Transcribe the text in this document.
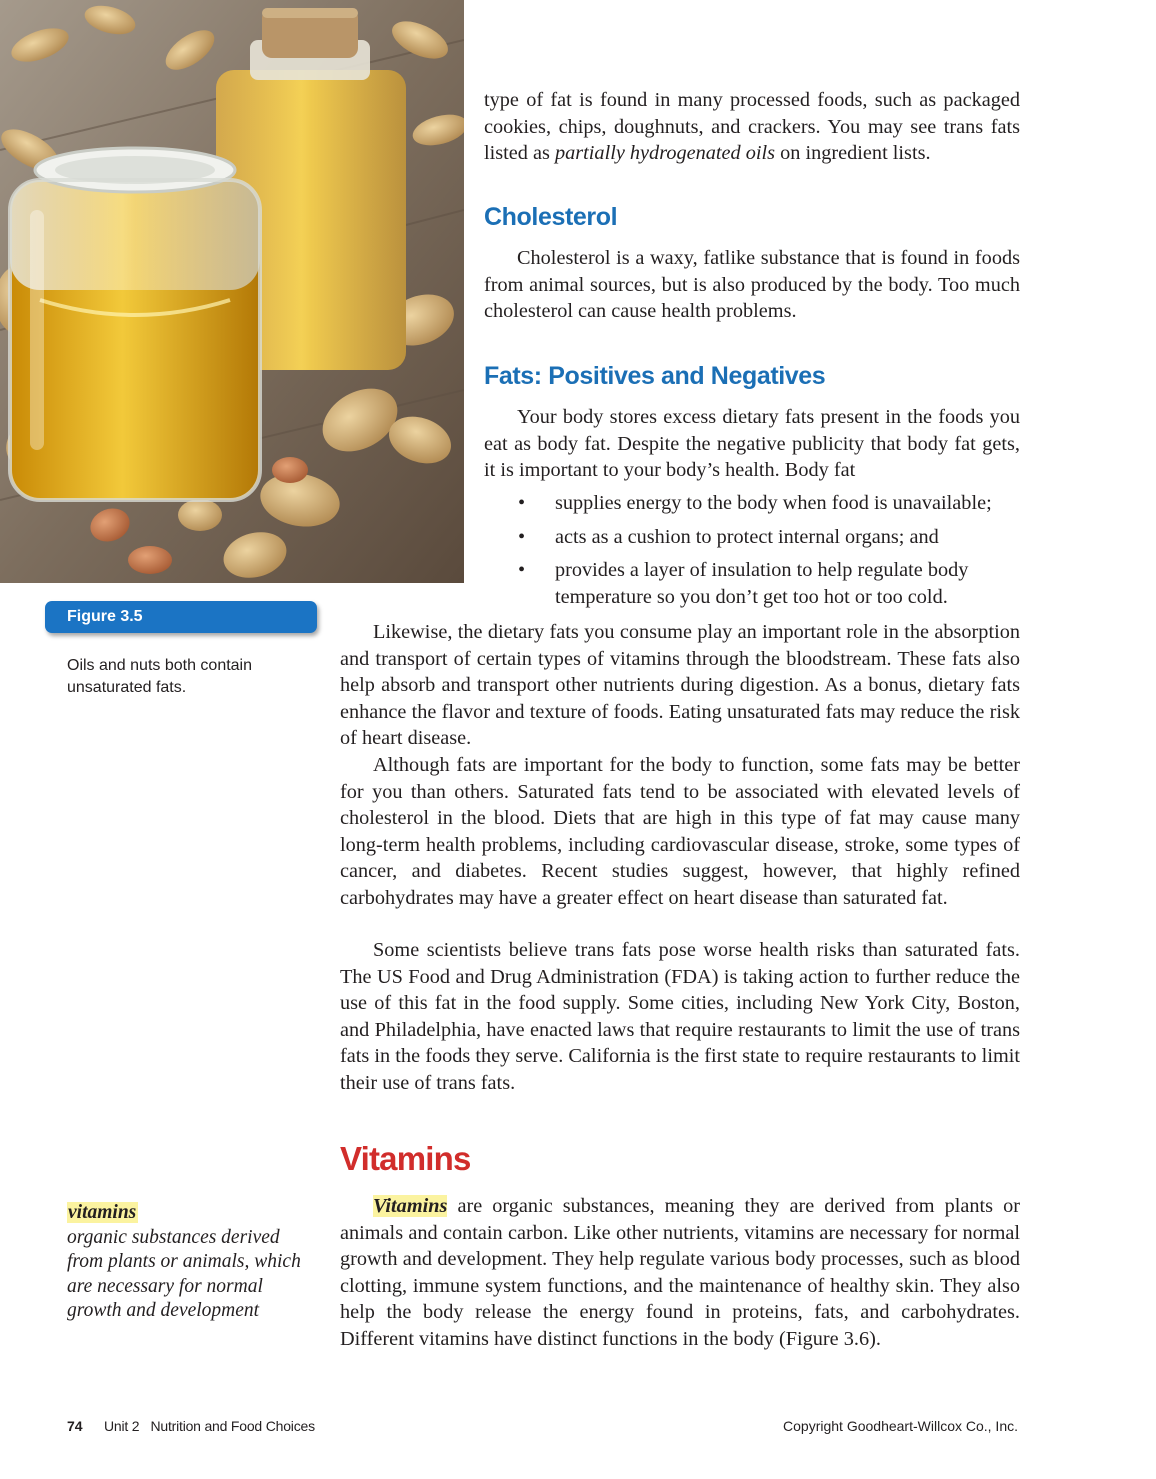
type of fat is found in many processed foods, such as packaged cookies, chips, doughnuts, and crackers. You may see trans fats listed as partially hydrogenated oils on ingredient lists.

Cholesterol

Cholesterol is a waxy, fatlike substance that is found in foods from animal sources, but is also produced by the body. Too much cholesterol can cause health problems.

Fats: Positives and Negatives

Your body stores excess dietary fats present in the foods you eat as body fat. Despite the negative publicity that body fat gets, it is important to your body’s health. Body fat

• supplies energy to the body when food is unavailable;
• acts as a cushion to protect internal organs; and
• provides a layer of insulation to help regulate body temperature so you don’t get too hot or too cold.
Figure 3.5
Oils and nuts both contain unsaturated fats.

Likewise, the dietary fats you consume play an important role in the absorption and transport of certain types of vitamins through the bloodstream. These fats also help absorb and transport other nutrients during digestion. As a bonus, dietary fats enhance the flavor and texture of foods. Eating unsaturated fats may reduce the risk of heart disease.

Although fats are important for the body to function, some fats may be better for you than others. Saturated fats tend to be associated with elevated levels of cholesterol in the blood. Diets that are high in this type of fat may cause many long-term health problems, including cardiovascular disease, stroke, some types of cancer, and diabetes. Recent studies suggest, however, that highly refined carbohydrates may have a greater effect on heart disease than saturated fat.

Some scientists believe trans fats pose worse health risks than saturated fats. The US Food and Drug Administration (FDA) is taking action to further reduce the use of this fat in the food supply. Some cities, including New York City, Boston, and Philadelphia, have enacted laws that require restaurants to limit the use of trans fats in the foods they serve. California is the first state to require restaurants to limit their use of trans fats.

Vitamins

Vitamins are organic substances, meaning they are derived from plants or animals and contain carbon. Like other nutrients, vitamins are necessary for normal growth and development. They help regulate various body processes, such as blood clotting, immune system functions, and the maintenance of healthy skin. They also help the body release the energy found in proteins, fats, and carbohydrates. Different vitamins have distinct functions in the body (Figure 3.6).

vitamins
organic substances derived from plants or animals, which are necessary for normal growth and development
74 Unit 2   Nutrition and Food Choices	Copyright Goodheart-Willcox Co., Inc.
